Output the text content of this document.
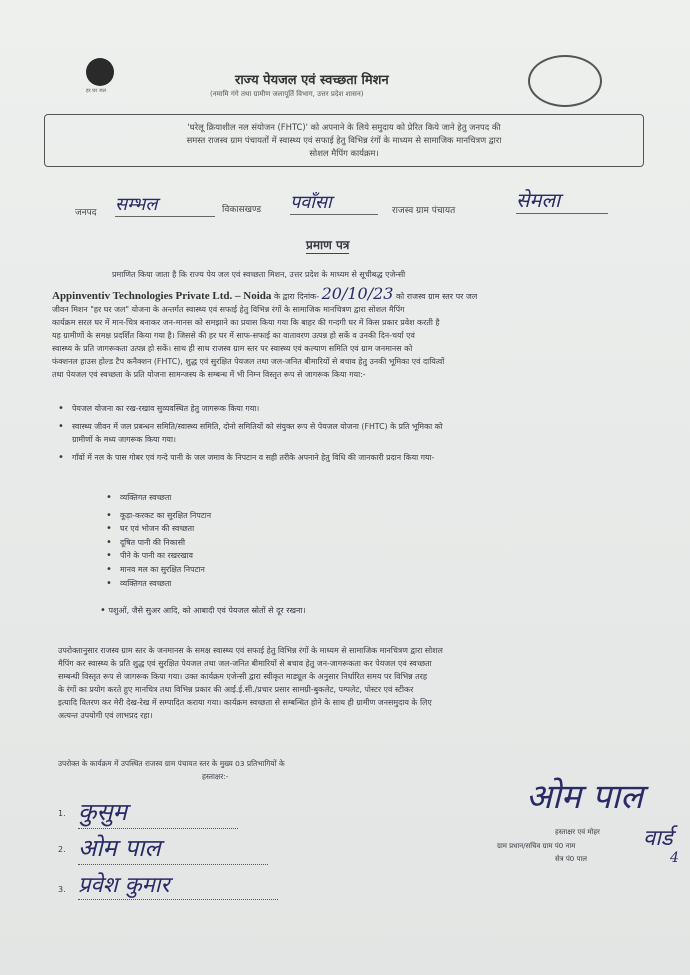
हर घर जल
राज्य पेयजल एवं स्वच्छता मिशन
(नमामि गंगे तथा ग्रामीण जलापूर्ति विभाग, उत्तर प्रदेश शासन)
'घरेलू क्रियाशील नल संयोजन (FHTC)' को अपनाने के लिये समुदाय को प्रेरित किये जाने हेतु जनपद की
समस्त राजस्व ग्राम पंचायतों में स्वास्थ्य एवं सफाई हेतु विभिन्न रंगों के माध्यम से सामाजिक मानचित्रण द्वारा
सोशल मैपिंग कार्यक्रम।
जनपद सम्भल	विकासखण्ड पवाँसा	राजस्व ग्राम पंचायत	सेमला
प्रमाण पत्र
प्रमाणित किया जाता है कि राज्य पेय जल एवं स्वच्छता मिशन, उत्तर प्रदेश के माध्यम से सूचीबद्ध एजेन्सी
Appinventiv Technologies Private Ltd. – Noida के द्वारा दिनांक- 20/10/23 को राजस्व ग्राम स्तर पर जल
जीवन मिशन "हर घर जल" योजना के अन्तर्गत स्वास्थ्य एवं सफाई हेतु विभिन्न रंगों के सामाजिक मानचित्रण द्वारा सोशल मैपिंग
कार्यक्रम सरल घर में मान-चित्र बनाकर जन-मानस को समझाने का प्रयास किया गया कि बाहर की गन्दगी घर में किस प्रकार प्रवेश करती है
यह ग्रामीणों के समक्ष प्रदर्शित किया गया है। जिससे की हर घर में साफ-सफाई का वातावरण उत्पन्न हो सकें व उनकी दिन-चर्या एवं
स्वास्थ्य के प्रति जागरूकता उत्पन्न हो सकें। साथ ही साथ राजस्व ग्राम स्तर पर स्वास्थ्य एवं कल्याण समिति एवं ग्राम जनमानस को
फंक्शनल हाउस होल्ड टैप कनैक्शन (FHTC), शुद्ध एवं सुरक्षित पेयजल तथा जल-जनित बीमारियों से बचाव हेतु उनकी भूमिका एवं दायित्वों
तथा पेयजल एवं स्वच्छता के प्रति योजना सामन्जस्य के सम्बन्ध में भी निम्न विस्तृत रूप से जागरूक किया गया:-
• पेयजल योजना का रख-रखाव सुव्यवस्थित हेतु जागरूक किया गया।
• स्वास्थ्य जीवन में जल प्रबन्धन समिति/स्वास्थ्य समिति, दोनो समितियों को संयुक्त रूप से पेयजल योजना (FHTC) के प्रति भूमिका को
ग्रामीणों के मध्य जागरूक किया गया।
• गाँवों में नल के पास गोबर एवं गन्दे पानी के जल जमाव के निपटान व सही तरीके अपनाने हेतु विधि की जानकारी प्रदान किया गया-
• व्यक्तिगत स्वच्छता
• कूड़ा-करकट का सुरक्षित निपटान
• घर एवं भोजन की स्वच्छता
• दूषित पानी की निकासी
• पीने के पानी का रखरखाव
• मानव मल का सुरक्षित निपटान
• व्यक्तिगत स्वच्छता
• पशुओं, जैसे सुअर आदि, को आबादी एवं पेयजल स्रोतों से दूर रखना।
उपरोक्तानुसार राजस्व ग्राम स्तर के जनमानस के समक्ष स्वास्थ्य एवं सफाई हेतु विभिन्न रंगों के माध्यम से सामाजिक मानचित्रण द्वारा सोशल
मैपिंग कर स्वास्थ्य के प्रति शुद्ध एवं सुरक्षित पेयजल तथा जल-जनित बीमारियों से बचाव हेतु जन-जागरूकता कर पेयजल एवं स्वच्छता
सम्बन्धी विस्तृत रूप से जागरूक किया गया। उक्त कार्यक्रम एजेन्सी द्वारा स्वीकृत माड्यूल के अनुसार निर्धारित समय पर विभिन्न तरह
के रंगों का प्रयोग करते हुए मानचित्र तथा विभिन्न प्रकार की आई.ई.सी./प्रचार प्रसार सामग्री-बुकलेट, पम्पलेट, पोस्टर एवं स्टीकर
इत्यादि वितरण कर मेरी देख-रेख में सम्पादित कराया गया। कार्यक्रम स्वच्छता से सम्बन्धित होने के साथ ही ग्रामीण जनसमुदाय के लिए
अत्यन्त उपयोगी एवं लाभप्रद रहा।
उपरोक्त के कार्यक्रम में उपस्थित राजस्व ग्राम पंचायत स्तर के मुख्य 03 प्रतिभागियों के
हस्ताक्षर:-
1. कुसुम
2. ओम पाल
3. प्रवेश कुमार
ओम पाल
हस्ताक्षर एवं मोहर
ग्राम प्रधान/सचिव ग्राम पं0 नाम
सेत्र पं0 पाल
वार्ड
4
